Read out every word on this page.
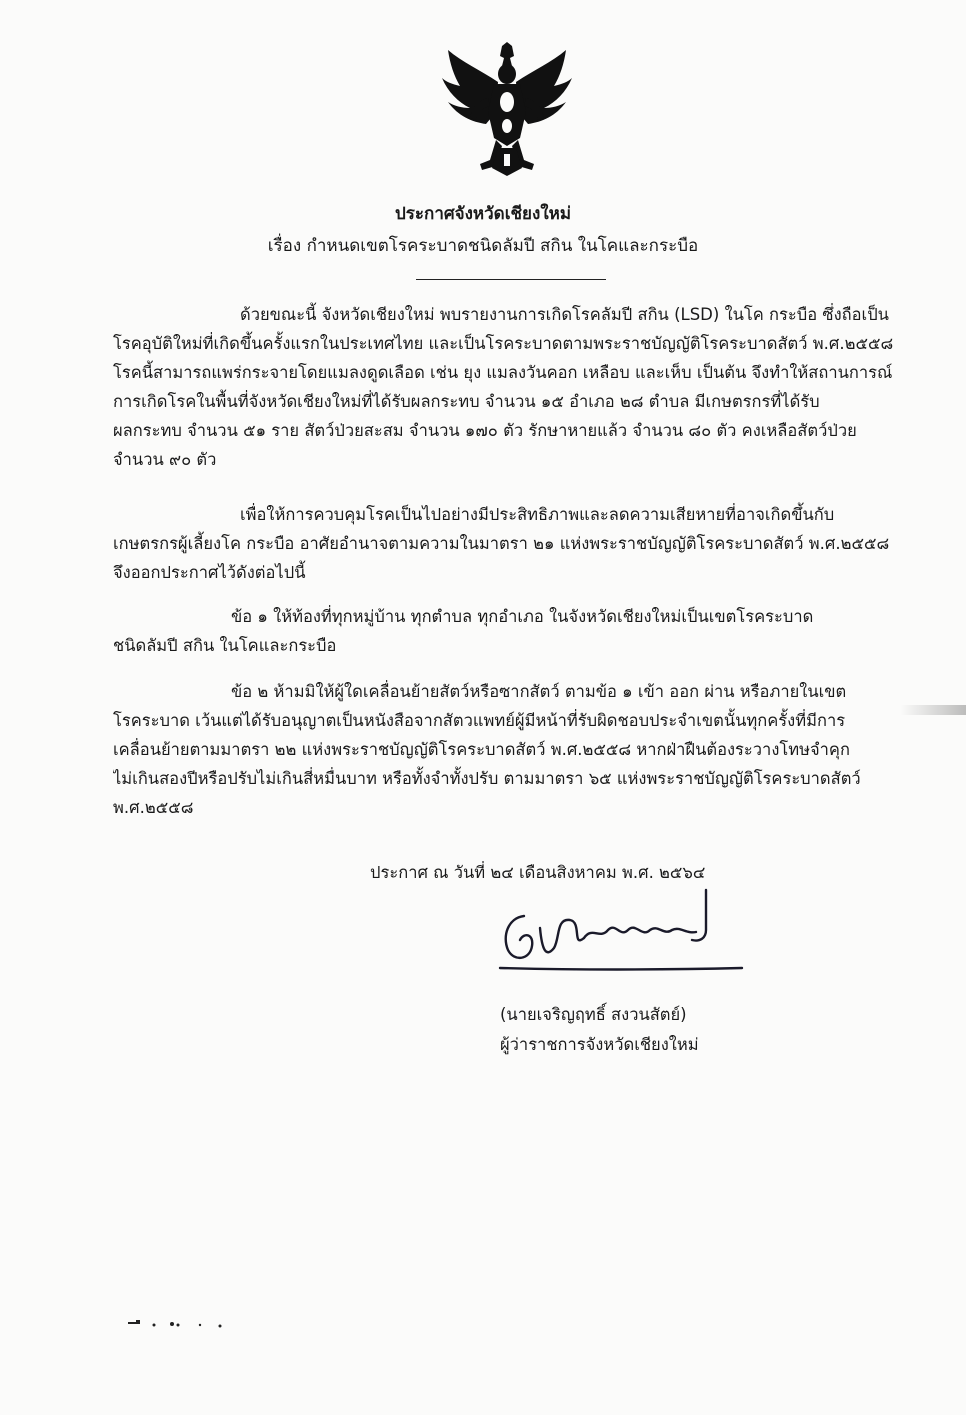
ประกาศจังหวัดเชียงใหม่
เรื่อง กำหนดเขตโรคระบาดชนิดลัมปี สกิน ในโคและกระบือ
ด้วยขณะนี้ จังหวัดเชียงใหม่ พบรายงานการเกิดโรคลัมปี สกิน (LSD) ในโค กระบือ ซึ่งถือเป็น
โรคอุบัติใหม่ที่เกิดขึ้นครั้งแรกในประเทศไทย และเป็นโรคระบาดตามพระราชบัญญัติโรคระบาดสัตว์ พ.ศ.๒๕๕๘
โรคนี้สามารถแพร่กระจายโดยแมลงดูดเลือด เช่น ยุง แมลงวันคอก เหลือบ และเห็บ เป็นต้น จึงทำให้สถานการณ์
การเกิดโรคในพื้นที่จังหวัดเชียงใหม่ที่ได้รับผลกระทบ จำนวน ๑๕ อำเภอ ๒๘ ตำบล มีเกษตรกรที่ได้รับ
ผลกระทบ จำนวน ๕๑ ราย สัตว์ป่วยสะสม จำนวน ๑๗๐ ตัว รักษาหายแล้ว จำนวน ๘๐ ตัว คงเหลือสัตว์ป่วย
จำนวน ๙๐ ตัว
เพื่อให้การควบคุมโรคเป็นไปอย่างมีประสิทธิภาพและลดความเสียหายที่อาจเกิดขึ้นกับ
เกษตรกรผู้เลี้ยงโค กระบือ อาศัยอำนาจตามความในมาตรา ๒๑ แห่งพระราชบัญญัติโรคระบาดสัตว์ พ.ศ.๒๕๕๘
จึงออกประกาศไว้ดังต่อไปนี้
ข้อ ๑ ให้ท้องที่ทุกหมู่บ้าน ทุกตำบล ทุกอำเภอ ในจังหวัดเชียงใหม่เป็นเขตโรคระบาด
ชนิดลัมปี สกิน ในโคและกระบือ
ข้อ ๒ ห้ามมิให้ผู้ใดเคลื่อนย้ายสัตว์หรือซากสัตว์ ตามข้อ ๑ เข้า ออก ผ่าน หรือภายในเขต
โรคระบาด เว้นแต่ได้รับอนุญาตเป็นหนังสือจากสัตวแพทย์ผู้มีหน้าที่รับผิดชอบประจำเขตนั้นทุกครั้งที่มีการ
เคลื่อนย้ายตามมาตรา ๒๒ แห่งพระราชบัญญัติโรคระบาดสัตว์ พ.ศ.๒๕๕๘ หากฝ่าฝืนต้องระวางโทษจำคุก
ไม่เกินสองปีหรือปรับไม่เกินสี่หมื่นบาท หรือทั้งจำทั้งปรับ ตามมาตรา ๖๕ แห่งพระราชบัญญัติโรคระบาดสัตว์
พ.ศ.๒๕๕๘
ประกาศ ณ วันที่ ๒๔ เดือนสิงหาคม พ.ศ. ๒๕๖๔
(นายเจริญฤทธิ์ สงวนสัตย์)
ผู้ว่าราชการจังหวัดเชียงใหม่
